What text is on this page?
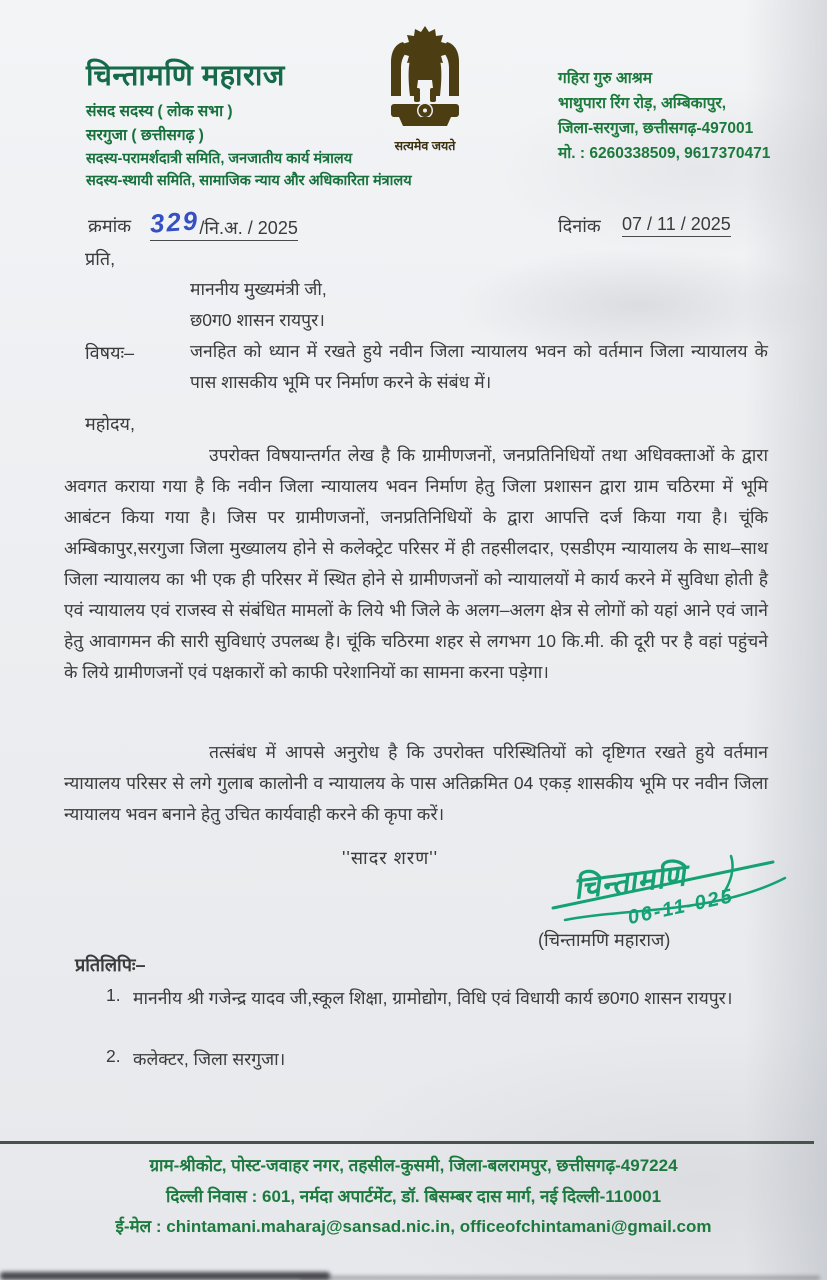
चिन्तामणि महाराज
संसद सदस्य ( लोक सभा )
सरगुजा ( छत्तीसगढ़ )
सदस्य-परामर्शदात्री समिति, जनजातीय कार्य मंत्रालय
सदस्य-स्थायी समिति, सामाजिक न्याय और अधिकारिता मंत्रालय
सत्यमेव जयते
गहिरा गुरु आश्रम
भाथुपारा रिंग रोड़, अम्बिकापुर,
जिला-सरगुजा, छत्तीसगढ़-497001
मो. : 6260338509, 9617370471
क्रमांक 329/नि.अ. / 2025	दिनांक 07 / 11 / 2025
प्रति,
माननीय मुख्यमंत्री जी,
छ0ग0 शासन रायपुर।
विषयः–	जनहित को ध्यान में रखते हुये नवीन जिला न्यायालय भवन को वर्तमान जिला न्यायालय के पास शासकीय भूमि पर निर्माण करने के संबंध में।
महोदय,
उपरोक्त विषयान्तर्गत लेख है कि ग्रामीणजनों, जनप्रतिनिधियों तथा अधिवक्ताओं के द्वारा अवगत कराया गया है कि नवीन जिला न्यायालय भवन निर्माण हेतु जिला प्रशासन द्वारा ग्राम चठिरमा में भूमि आबंटन किया गया है। जिस पर ग्रामीणजनों, जनप्रतिनिधियों के द्वारा आपत्ति दर्ज किया गया है। चूंकि अम्बिकापुर,सरगुजा जिला मुख्यालय होने से कलेक्ट्रेट परिसर में ही तहसीलदार, एसडीएम न्यायालय के साथ–साथ जिला न्यायालय का भी एक ही परिसर में स्थित होने से ग्रामीणजनों को न्यायालयों मे कार्य करने में सुविधा होती है एवं न्यायालय एवं राजस्व से संबंधित मामलों के लिये भी जिले के अलग–अलग क्षेत्र से लोगों को यहां आने एवं जाने हेतु आवागमन की सारी सुविधाएं उपलब्ध है। चूंकि चठिरमा शहर से लगभग 10 कि.मी. की दूरी पर है वहां पहुंचने के लिये ग्रामीणजनों एवं पक्षकारों को काफी परेशानियों का सामना करना पड़ेगा।
तत्संबंध में आपसे अनुरोध है कि उपरोक्त परिस्थितियों को दृष्टिगत रखते हुये वर्तमान न्यायालय परिसर से लगे गुलाब कालोनी व न्यायालय के पास अतिक्रमित 04 एकड़ शासकीय भूमि पर नवीन जिला न्यायालय भवन बनाने हेतु उचित कार्यवाही करने की कृपा करें।
''सादर शरण''
चिन्तामणि
06-11-025
(चिन्तामणि महाराज)
प्रतिलिपिः–
1. माननीय श्री गजेन्द्र यादव जी,स्कूल शिक्षा, ग्रामोद्योग, विधि एवं विधायी कार्य छ0ग0 शासन रायपुर।
2. कलेक्टर, जिला सरगुजा।
ग्राम-श्रीकोट, पोस्ट-जवाहर नगर, तहसील-कुसमी, जिला-बलरामपुर, छत्तीसगढ़-497224
दिल्ली निवास : 601, नर्मदा अपार्टमेंट, डॉ. बिसम्बर दास मार्ग, नई दिल्ली-110001
ई-मेल : chintamani.maharaj@sansad.nic.in, officeofchintamani@gmail.com
